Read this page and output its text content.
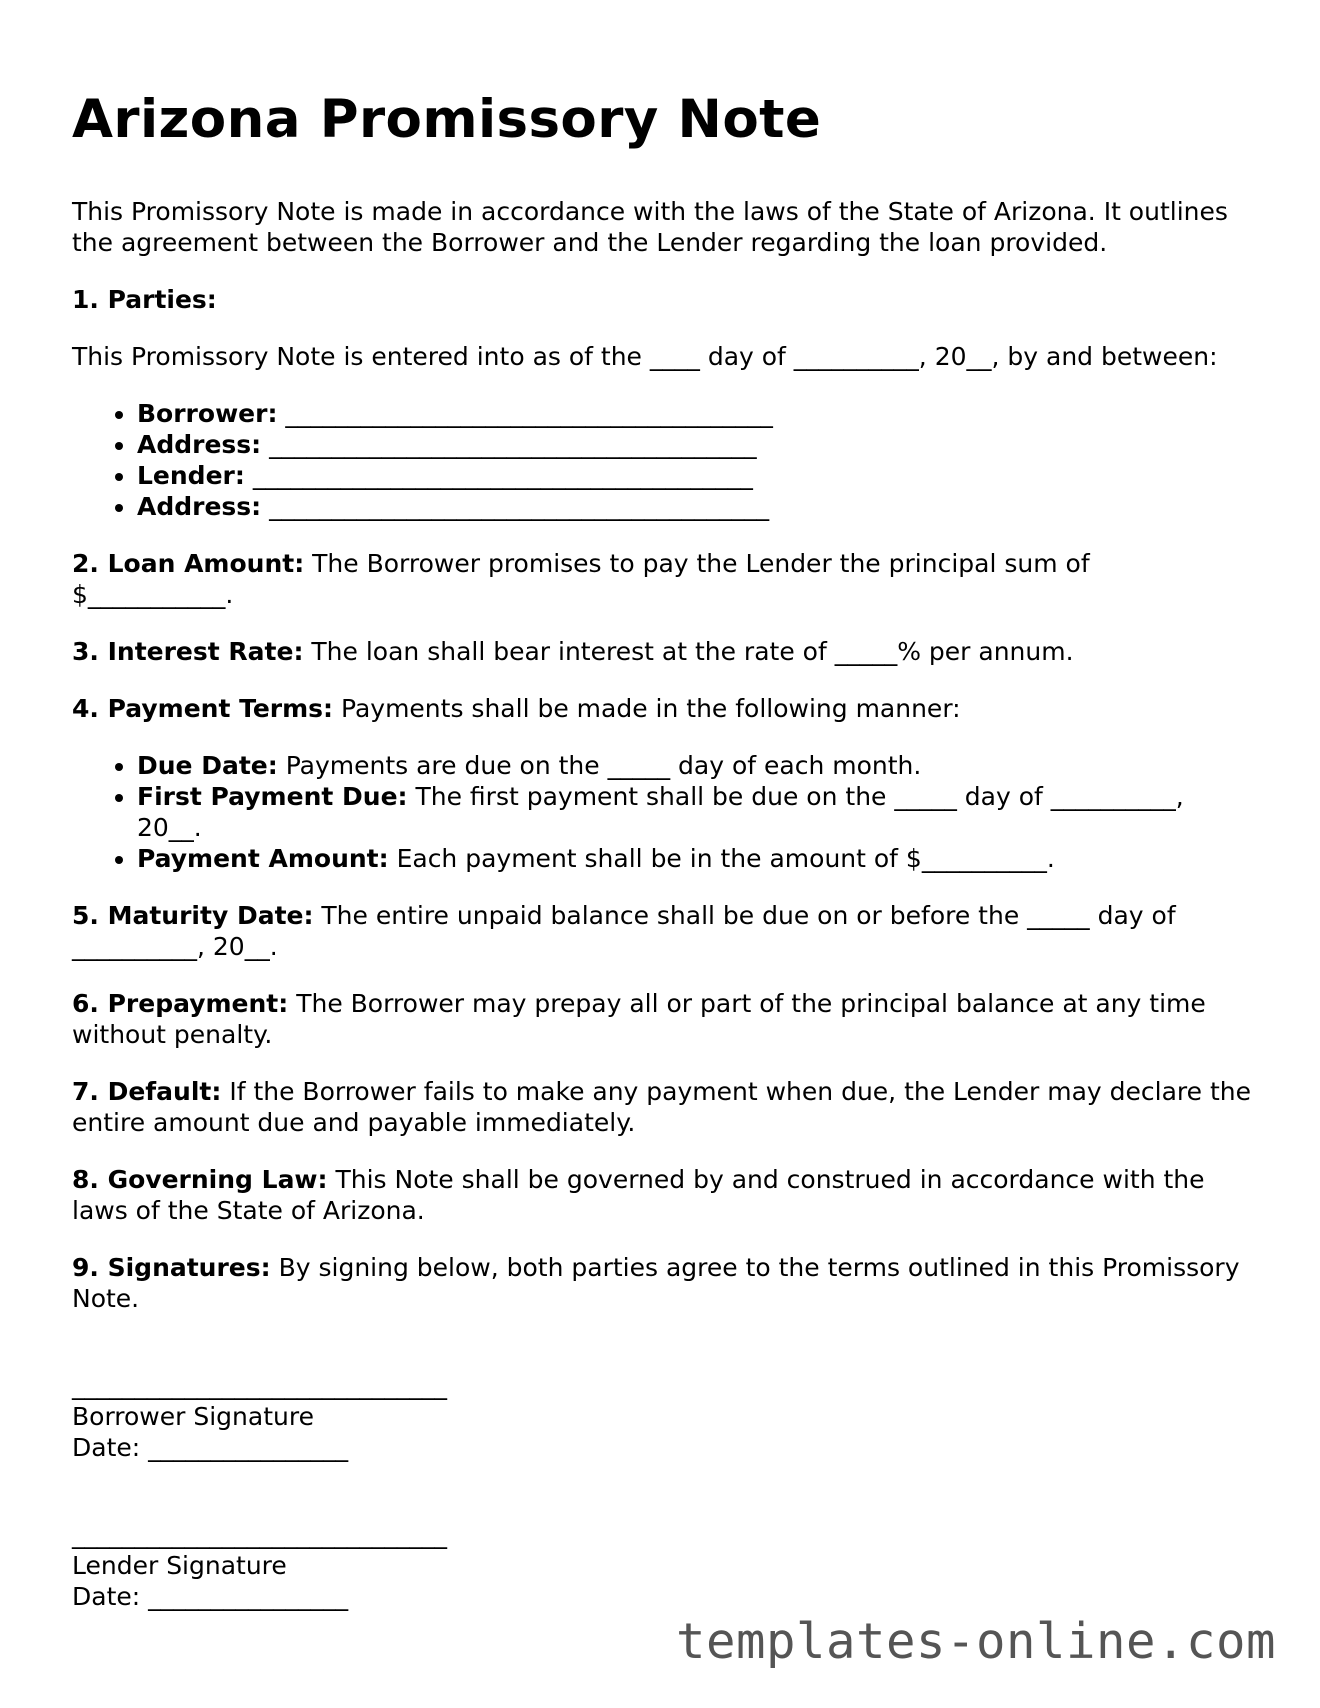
Arizona Promissory Note

This Promissory Note is made in accordance with the laws of the State of Arizona. It outlines the agreement between the Borrower and the Lender regarding the loan provided.

1. Parties:

This Promissory Note is entered into as of the ____ day of __________, 20__, by and between:

• Borrower: _______________________________________
• Address: _______________________________________
• Lender: ________________________________________
• Address: ________________________________________

2. Loan Amount: The Borrower promises to pay the Lender the principal sum of $___________.

3. Interest Rate: The loan shall bear interest at the rate of _____% per annum.

4. Payment Terms: Payments shall be made in the following manner:

• Due Date: Payments are due on the _____ day of each month.
• First Payment Due: The first payment shall be due on the _____ day of __________, 20__.
• Payment Amount: Each payment shall be in the amount of $__________.

5. Maturity Date: The entire unpaid balance shall be due on or before the _____ day of __________, 20__.

6. Prepayment: The Borrower may prepay all or part of the principal balance at any time without penalty.

7. Default: If the Borrower fails to make any payment when due, the Lender may declare the entire amount due and payable immediately.

8. Governing Law: This Note shall be governed by and construed in accordance with the laws of the State of Arizona.

9. Signatures: By signing below, both parties agree to the terms outlined in this Promissory Note.

______________________________

Borrower Signature

Date: ________________

______________________________

Lender Signature

Date: ________________

templates-online.com
